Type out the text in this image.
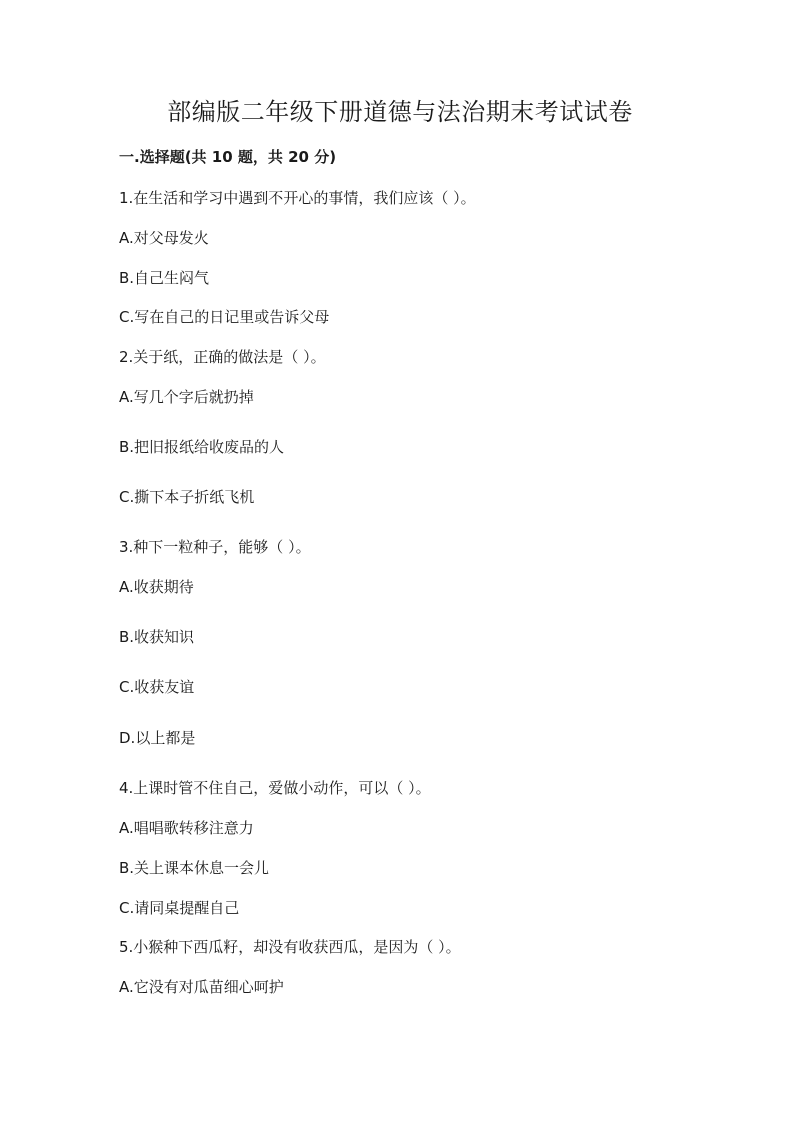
部编版二年级下册道德与法治期末考试试卷
一.选择题(共 10 题，共 20 分)
1.在生活和学习中遇到不开心的事情，我们应该（ ）。
A.对父母发火
B.自己生闷气
C.写在自己的日记里或告诉父母
2.关于纸，正确的做法是（ ）。
A.写几个字后就扔掉
B.把旧报纸给收废品的人
C.撕下本子折纸飞机
3.种下一粒种子，能够（ ）。
A.收获期待
B.收获知识
C.收获友谊
D.以上都是
4.上课时管不住自己，爱做小动作，可以（ ）。
A.唱唱歌转移注意力
B.关上课本休息一会儿
C.请同桌提醒自己
5.小猴种下西瓜籽，却没有收获西瓜，是因为（ ）。
A.它没有对瓜苗细心呵护
